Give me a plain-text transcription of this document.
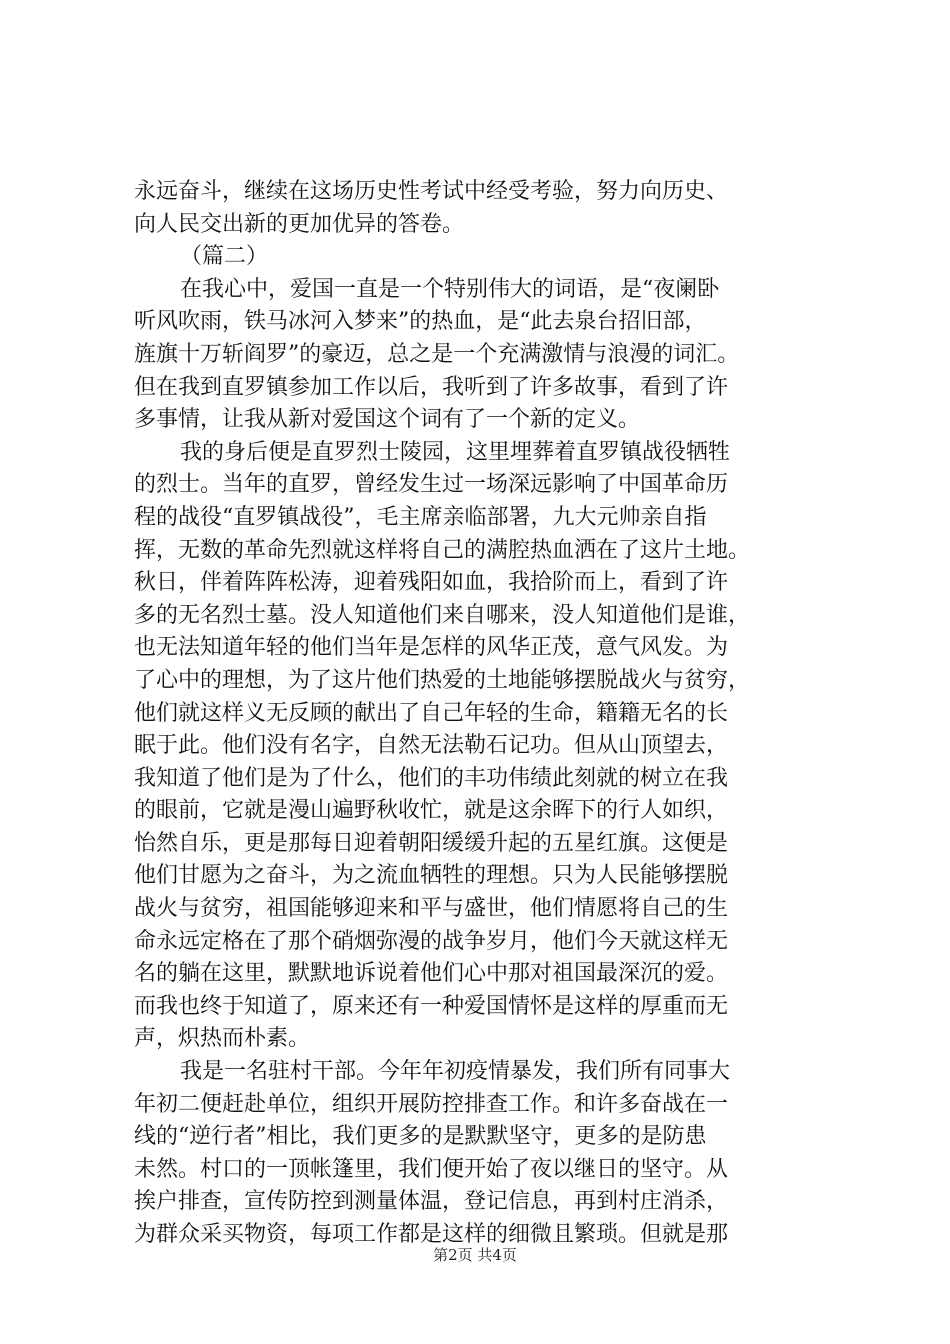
永远奋斗，继续在这场历史性考试中经受考验，努力向历史、
向人民交出新的更加优异的答卷。
（篇二）
在我心中，爱国一直是一个特别伟大的词语，是“夜阑卧
听风吹雨，铁马冰河入梦来”的热血，是“此去泉台招旧部，
旌旗十万斩阎罗”的豪迈，总之是一个充满激情与浪漫的词汇。
但在我到直罗镇参加工作以后，我听到了许多故事，看到了许
多事情，让我从新对爱国这个词有了一个新的定义。
我的身后便是直罗烈士陵园，这里埋葬着直罗镇战役牺牲
的烈士。当年的直罗，曾经发生过一场深远影响了中国革命历
程的战役“直罗镇战役”，毛主席亲临部署，九大元帅亲自指
挥，无数的革命先烈就这样将自己的满腔热血洒在了这片土地。
秋日，伴着阵阵松涛，迎着残阳如血，我拾阶而上，看到了许
多的无名烈士墓。没人知道他们来自哪来，没人知道他们是谁，
也无法知道年轻的他们当年是怎样的风华正茂，意气风发。为
了心中的理想，为了这片他们热爱的土地能够摆脱战火与贫穷，
他们就这样义无反顾的献出了自己年轻的生命，籍籍无名的长
眠于此。他们没有名字，自然无法勒石记功。但从山顶望去，
我知道了他们是为了什么，他们的丰功伟绩此刻就的树立在我
的眼前，它就是漫山遍野秋收忙，就是这余晖下的行人如织，
怡然自乐，更是那每日迎着朝阳缓缓升起的五星红旗。这便是
他们甘愿为之奋斗，为之流血牺牲的理想。只为人民能够摆脱
战火与贫穷，祖国能够迎来和平与盛世，他们情愿将自己的生
命永远定格在了那个硝烟弥漫的战争岁月，他们今天就这样无
名的躺在这里，默默地诉说着他们心中那对祖国最深沉的爱。
而我也终于知道了，原来还有一种爱国情怀是这样的厚重而无
声，炽热而朴素。
我是一名驻村干部。今年年初疫情暴发，我们所有同事大
年初二便赶赴单位，组织开展防控排查工作。和许多奋战在一
线的“逆行者”相比，我们更多的是默默坚守，更多的是防患
未然。村口的一顶帐篷里，我们便开始了夜以继日的坚守。从
挨户排查，宣传防控到测量体温，登记信息，再到村庄消杀，
为群众采买物资，每项工作都是这样的细微且繁琐。但就是那
第2页 共4页
